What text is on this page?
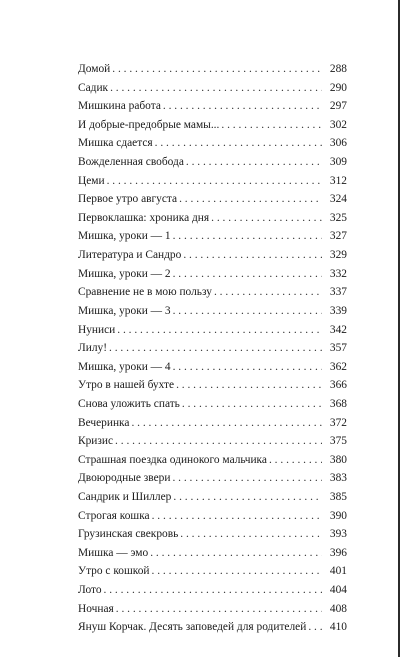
Домой . . .	288
Садик . . .	290
Мишкина работа . . .	297
И добрые-предобрые мамы... . . .	302
Мишка сдается . . .	306
Вожделенная свобода . . .	309
Цеми . . .	312
Первое утро августа . . .	324
Первоклашка: хроника дня . . .	325
Мишка, уроки — 1 . . .	327
Литература и Сандро . . .	329
Мишка, уроки — 2 . . .	332
Сравнение не в мою пользу . . .	337
Мишка, уроки — 3 . . .	339
Нуниси . . .	342
Лилу! . . .	357
Мишка, уроки — 4 . . .	362
Утро в нашей бухте . . .	366
Снова уложить спать . . .	368
Вечеринка . . .	372
Кризис . . .	375
Страшная поездка одинокого мальчика . . .	380
Двоюродные звери . . .	383
Сандрик и Шиллер . . .	385
Строгая кошка . . .	390
Грузинская свекровь . . .	393
Мишка — эмо . . .	396
Утро с кошкой . . .	401
Лото . . .	404
Ночная . . .	408
Януш Корчак. Десять заповедей для родителей . . .	410
